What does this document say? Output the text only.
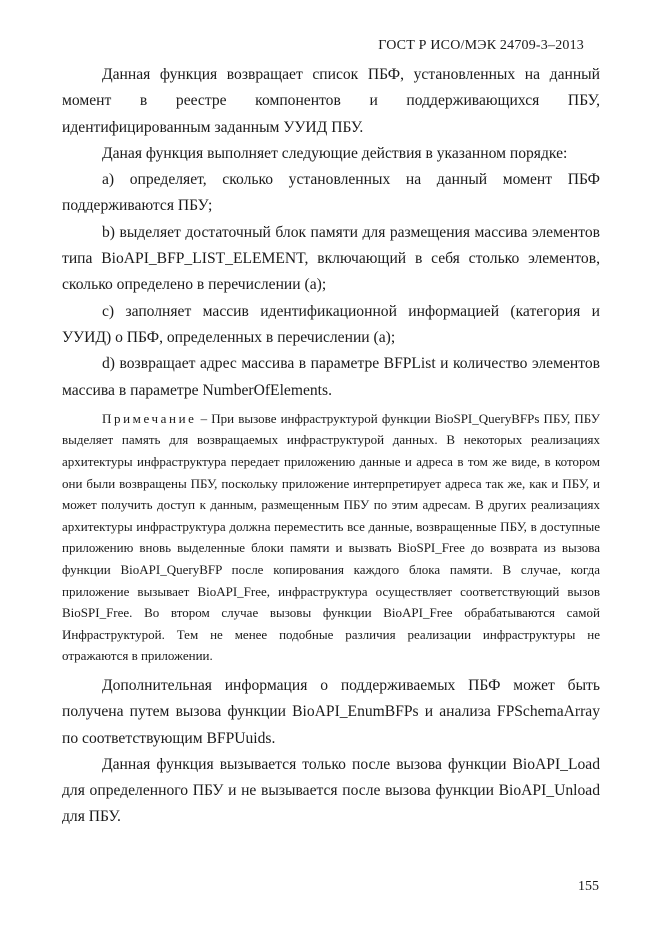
ГОСТ Р ИСО/МЭК 24709-3–2013

Данная функция возвращает список ПБФ, установленных на данный момент в реестре компонентов и поддерживающихся ПБУ, идентифицированным заданным УУИД ПБУ.

Даная функция выполняет следующие действия в указанном порядке:

a) определяет, сколько установленных на данный момент ПБФ поддерживаются ПБУ;

b) выделяет достаточный блок памяти для размещения массива элементов типа BioAPI_BFP_LIST_ELEMENT, включающий в себя столько элементов, сколько определено в перечислении (a);

c) заполняет массив идентификационной информацией (категория и УУИД) о ПБФ, определенных в перечислении (a);

d) возвращает адрес массива в параметре BFPList и количество элементов массива в параметре NumberOfElements.

Примечание – При вызове инфраструктурой функции BioSPI_QueryBFPs ПБУ, ПБУ выделяет память для возвращаемых инфраструктурой данных. В некоторых реализациях архитектуры инфраструктура передает приложению данные и адреса в том же виде, в котором они были возвращены ПБУ, поскольку приложение интерпретирует адреса так же, как и ПБУ, и может получить доступ к данным, размещенным ПБУ по этим адресам. В других реализациях архитектуры инфраструктура должна переместить все данные, возвращенные ПБУ, в доступные приложению вновь выделенные блоки памяти и вызвать BioSPI_Free до возврата из вызова функции BioAPI_QueryBFP после копирования каждого блока памяти. В случае, когда приложение вызывает BioAPI_Free, инфраструктура осуществляет соответствующий вызов BioSPI_Free. Во втором случае вызовы функции BioAPI_Free обрабатываются самой Инфраструктурой. Тем не менее подобные различия реализации инфраструктуры не отражаются в приложении.

Дополнительная информация о поддерживаемых ПБФ может быть получена путем вызова функции BioAPI_EnumBFPs и анализа FPSchemaArray по соответствующим BFPUuids.

Данная функция вызывается только после вызова функции BioAPI_Load для определенного ПБУ и не вызывается после вызова функции BioAPI_Unload для ПБУ.

155
